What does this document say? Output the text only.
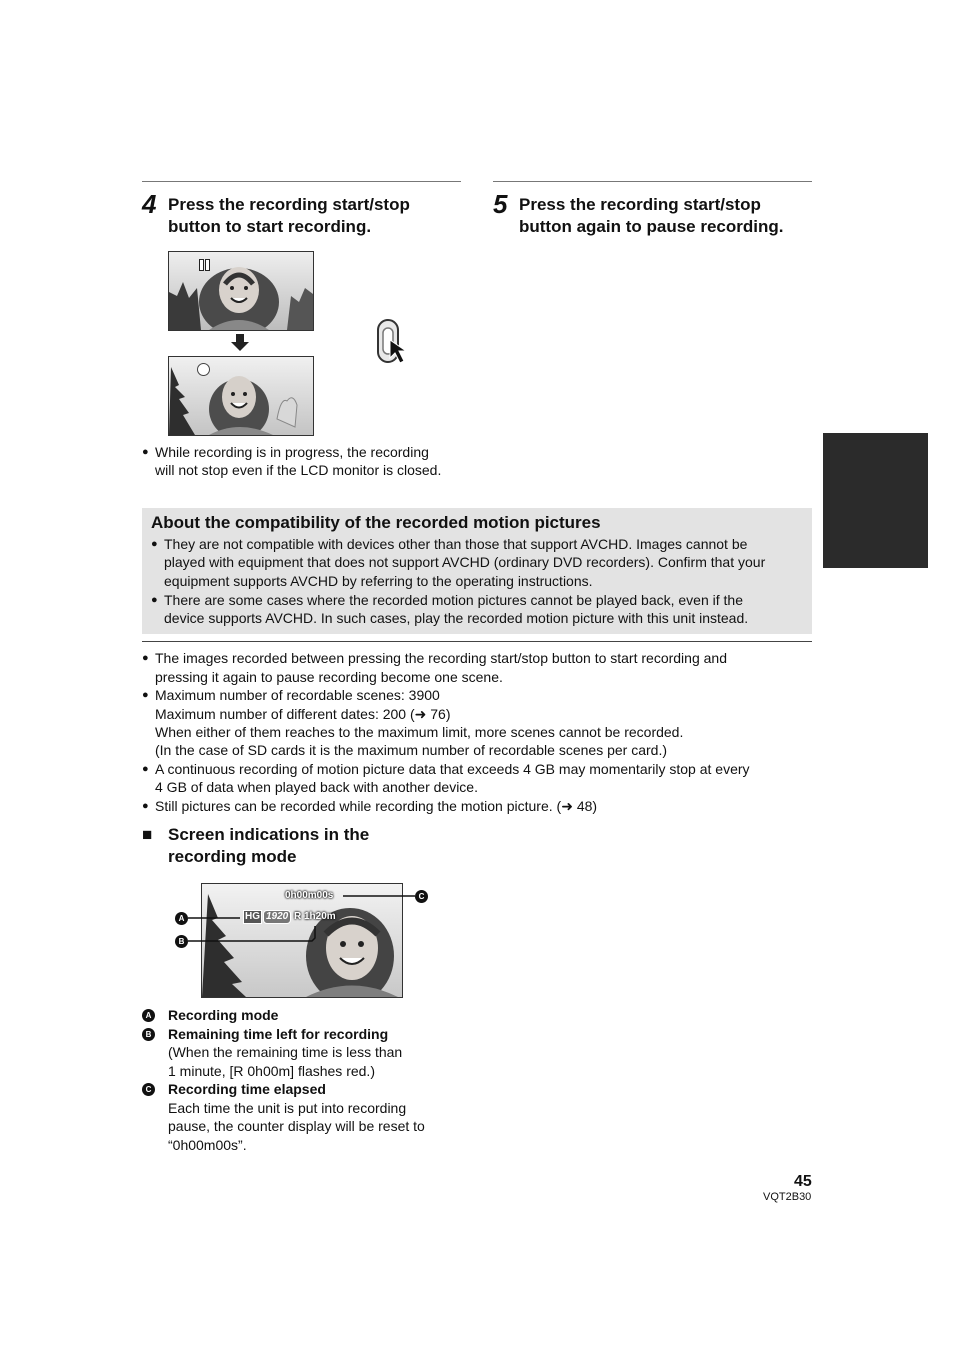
4 Press the recording start/stop
button to start recording.
5 Press the recording start/stop
button again to pause recording.
● While recording is in progress, the recording
will not stop even if the LCD monitor is closed.
About the compatibility of the recorded motion pictures
● They are not compatible with devices other than those that support AVCHD. Images cannot be
played with equipment that does not support AVCHD (ordinary DVD recorders). Confirm that your
equipment supports AVCHD by referring to the operating instructions.
● There are some cases where the recorded motion pictures cannot be played back, even if the
device supports AVCHD. In such cases, play the recorded motion picture with this unit instead.
● The images recorded between pressing the recording start/stop button to start recording and
pressing it again to pause recording become one scene.
● Maximum number of recordable scenes: 3900
Maximum number of different dates: 200 (➜ 76)
When either of them reaches to the maximum limit, more scenes cannot be recorded.
(In the case of SD cards it is the maximum number of recordable scenes per card.)
● A continuous recording of motion picture data that exceeds 4 GB may momentarily stop at every
4 GB of data when played back with another device.
● Still pictures can be recorded while recording the motion picture. (➜ 48)
■ Screen indications in the
recording mode
0h00m00s
HG 1920 R 1h20m
C
A
B
A Recording mode
B Remaining time left for recording
(When the remaining time is less than
1 minute, [R 0h00m] flashes red.)
C Recording time elapsed
Each time the unit is put into recording
pause, the counter display will be reset to
“0h00m00s”.
45
VQT2B30
